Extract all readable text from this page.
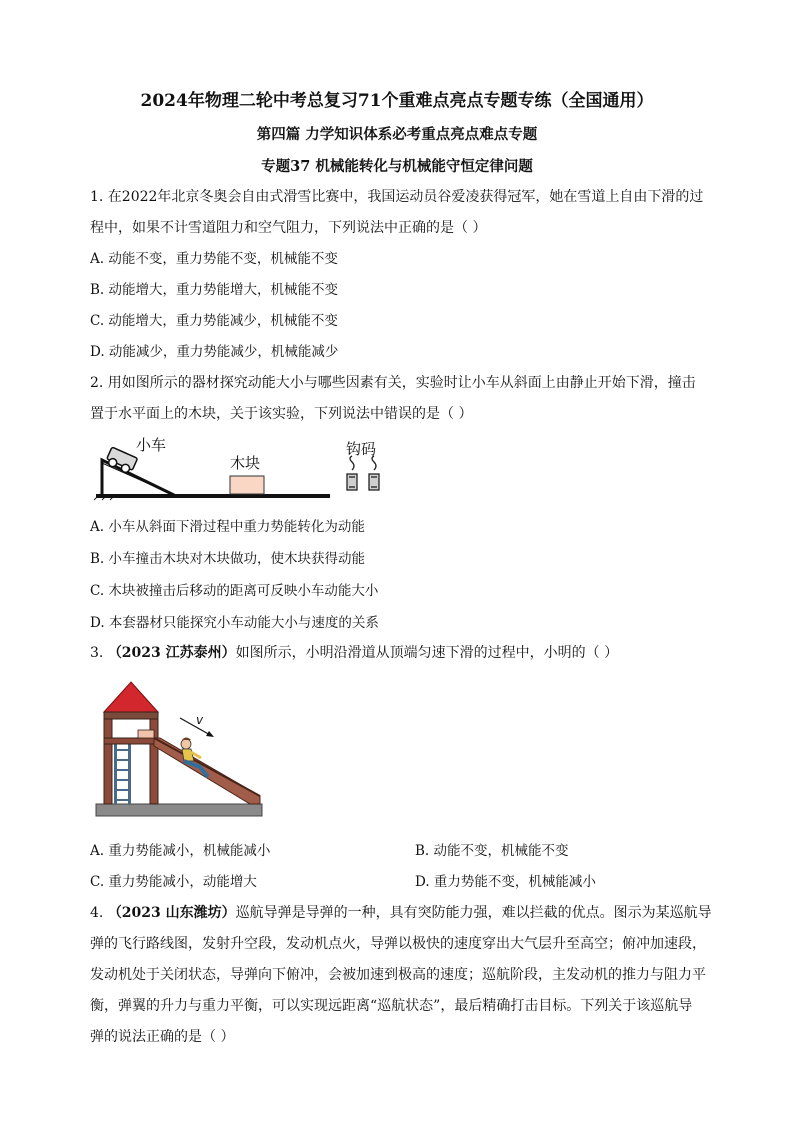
2024年物理二轮中考总复习71个重难点亮点专题专练（全国通用）
第四篇 力学知识体系必考重点亮点难点专题
专题37 机械能转化与机械能守恒定律问题
1. 在2022年北京冬奥会自由式滑雪比赛中，我国运动员谷爱凌获得冠军，她在雪道上自由下滑的过
程中，如果不计雪道阻力和空气阻力，下列说法中正确的是（ ）
A. 动能不变，重力势能不变，机械能不变
B. 动能增大，重力势能增大，机械能不变
C. 动能增大，重力势能减少，机械能不变
D. 动能减少，重力势能减少，机械能减少
2. 用如图所示的器材探究动能大小与哪些因素有关，实验时让小车从斜面上由静止开始下滑，撞击
置于水平面上的木块，关于该实验，下列说法中错误的是（ ）
小车
木块
钩码
A. 小车从斜面下滑过程中重力势能转化为动能
B. 小车撞击木块对木块做功，使木块获得动能
C. 木块被撞击后移动的距离可反映小车动能大小
D. 本套器材只能探究小车动能大小与速度的关系
3. （2023 江苏泰州）如图所示，小明沿滑道从顶端匀速下滑的过程中，小明的（ ）
v
A. 重力势能减小，机械能减小	B. 动能不变，机械能不变
C. 重力势能减小，动能增大	D. 重力势能不变，机械能减小
4. （2023 山东潍坊）巡航导弹是导弹的一种，具有突防能力强，难以拦截的优点。图示为某巡航导
弹的飞行路线图，发射升空段，发动机点火，导弹以极快的速度穿出大气层升至高空；俯冲加速段，
发动机处于关闭状态，导弹向下俯冲，会被加速到极高的速度；巡航阶段，主发动机的推力与阻力平
衡，弹翼的升力与重力平衡，可以实现远距离“巡航状态”，最后精确打击目标。下列关于该巡航导
弹的说法正确的是（ ）
